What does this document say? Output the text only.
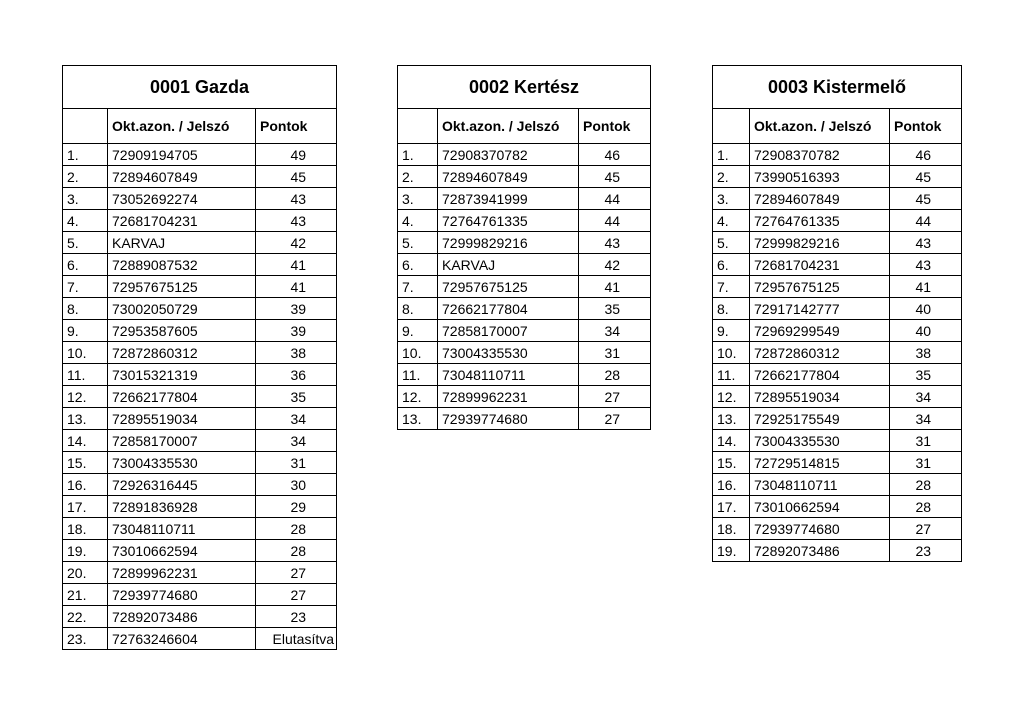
0001 Gazda		
	Okt.azon. / Jelszó	Pontok
1.	72909194705	49
2.	72894607849	45
3.	73052692274	43
4.	72681704231	43
5.	KARVAJ	42
6.	72889087532	41
7.	72957675125	41
8.	73002050729	39
9.	72953587605	39
10.	72872860312	38
11.	73015321319	36
12.	72662177804	35
13.	72895519034	34
14.	72858170007	34
15.	73004335530	31
16.	72926316445	30
17.	72891836928	29
18.	73048110711	28
19.	73010662594	28
20.	72899962231	27
21.	72939774680	27
22.	72892073486	23
23.	72763246604	Elutasítva
0002 Kertész		
	Okt.azon. / Jelszó	Pontok
1.	72908370782	46
2.	72894607849	45
3.	72873941999	44
4.	72764761335	44
5.	72999829216	43
6.	KARVAJ	42
7.	72957675125	41
8.	72662177804	35
9.	72858170007	34
10.	73004335530	31
11.	73048110711	28
12.	72899962231	27
13.	72939774680	27
0003 Kistermelő		
	Okt.azon. / Jelszó	Pontok
1.	72908370782	46
2.	73990516393	45
3.	72894607849	45
4.	72764761335	44
5.	72999829216	43
6.	72681704231	43
7.	72957675125	41
8.	72917142777	40
9.	72969299549	40
10.	72872860312	38
11.	72662177804	35
12.	72895519034	34
13.	72925175549	34
14.	73004335530	31
15.	72729514815	31
16.	73048110711	28
17.	73010662594	28
18.	72939774680	27
19.	72892073486	23
